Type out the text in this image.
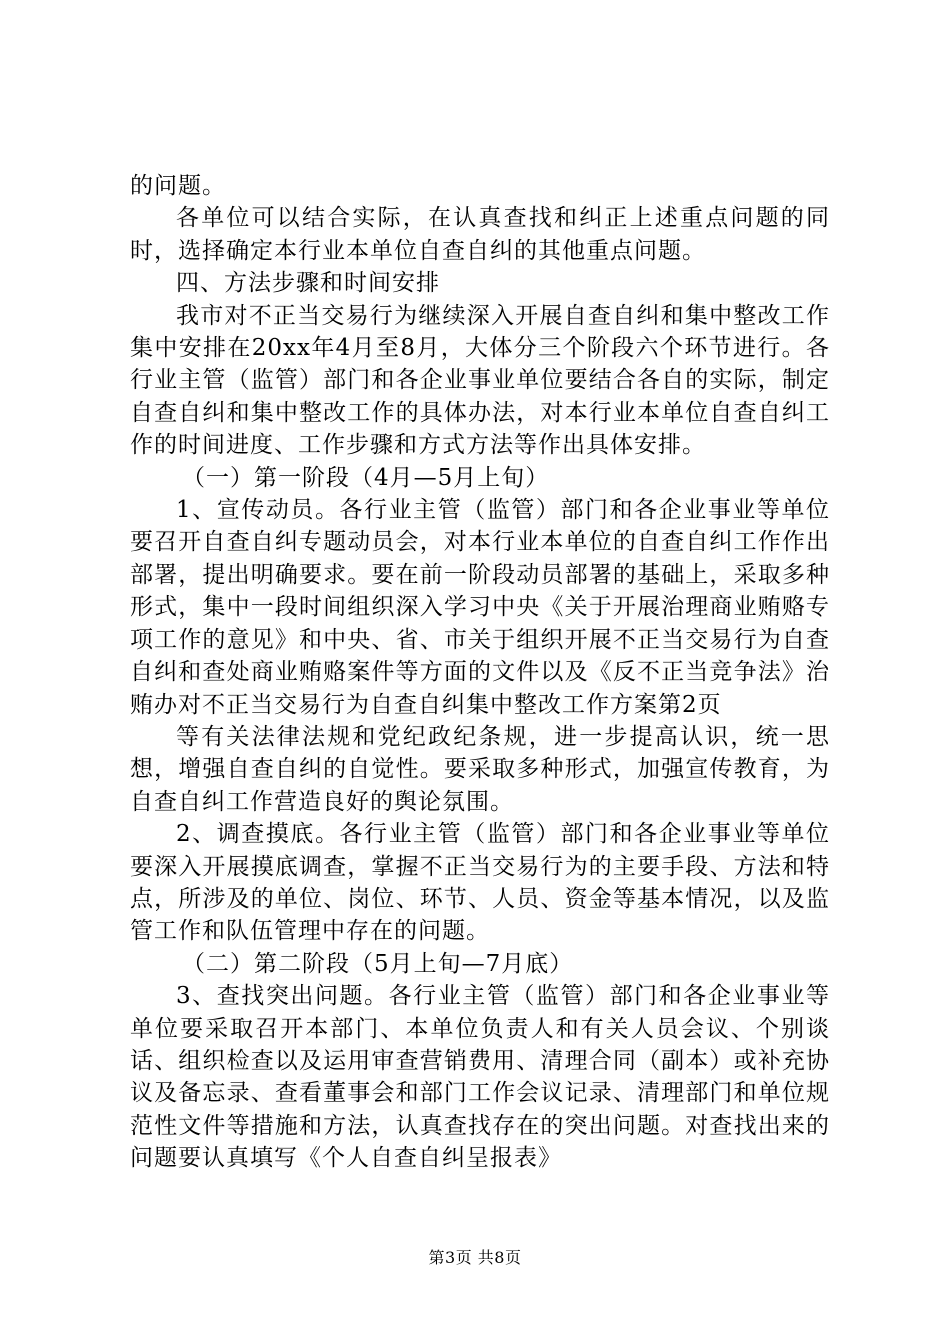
的问题。

各单位可以结合实际，在认真查找和纠正上述重点问题的同时，选择确定本行业本单位自查自纠的其他重点问题。

四、方法步骤和时间安排

我市对不正当交易行为继续深入开展自查自纠和集中整改工作集中安排在20xx年4月至8月，大体分三个阶段六个环节进行。各行业主管（监管）部门和各企业事业单位要结合各自的实际，制定自查自纠和集中整改工作的具体办法，对本行业本单位自查自纠工作的时间进度、工作步骤和方式方法等作出具体安排。

（一）第一阶段（4月—5月上旬）

1、宣传动员。各行业主管（监管）部门和各企业事业等单位要召开自查自纠专题动员会，对本行业本单位的自查自纠工作作出部署，提出明确要求。要在前一阶段动员部署的基础上，采取多种形式，集中一段时间组织深入学习中央《关于开展治理商业贿赂专项工作的意见》和中央、省、市关于组织开展不正当交易行为自查自纠和查处商业贿赂案件等方面的文件以及《反不正当竞争法》治贿办对不正当交易行为自查自纠集中整改工作方案第2页

等有关法律法规和党纪政纪条规，进一步提高认识，统一思想，增强自查自纠的自觉性。要采取多种形式，加强宣传教育，为自查自纠工作营造良好的舆论氛围。

2、调查摸底。各行业主管（监管）部门和各企业事业等单位要深入开展摸底调查，掌握不正当交易行为的主要手段、方法和特点，所涉及的单位、岗位、环节、人员、资金等基本情况，以及监管工作和队伍管理中存在的问题。

（二）第二阶段（5月上旬—7月底）

3、查找突出问题。各行业主管（监管）部门和各企业事业等单位要采取召开本部门、本单位负责人和有关人员会议、个别谈话、组织检查以及运用审查营销费用、清理合同（副本）或补充协议及备忘录、查看董事会和部门工作会议记录、清理部门和单位规范性文件等措施和方法，认真查找存在的突出问题。对查找出来的问题要认真填写《个人自查自纠呈报表》

第3页 共8页
